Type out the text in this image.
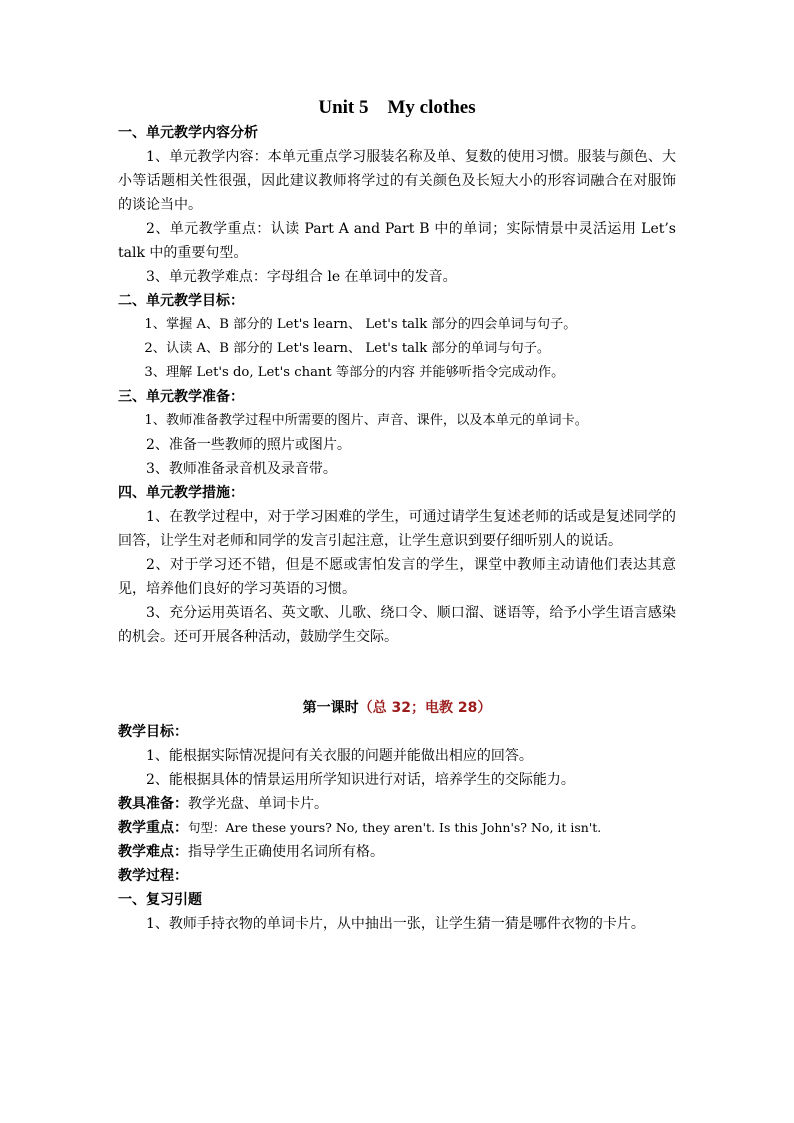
Unit 5    My clothes

一、单元教学内容分析

1、单元教学内容：本单元重点学习服装名称及单、复数的使用习惯。服装与颜色、大小等话题相关性很强，因此建议教师将学过的有关颜色及长短大小的形容词融合在对服饰的谈论当中。

2、单元教学重点：认读 Part A and Part B 中的单词；实际情景中灵活运用 Let’s talk 中的重要句型。

3、单元教学难点：字母组合 le 在单词中的发音。

二、单元教学目标：

1、掌握 A、B 部分的 Let's learn、 Let's talk 部分的四会单词与句子。

2、认读 A、B 部分的 Let's learn、 Let's talk 部分的单词与句子。

3、理解 Let's do, Let's chant 等部分的内容 并能够听指令完成动作。

三、单元教学准备：

1、教师准备教学过程中所需要的图片、声音、课件，以及本单元的单词卡。

2、准备一些教师的照片或图片。

3、教师准备录音机及录音带。

四、单元教学措施：

1、在教学过程中，对于学习困难的学生，可通过请学生复述老师的话或是复述同学的回答，让学生对老师和同学的发言引起注意，让学生意识到要仔细听别人的说话。

2、对于学习还不错，但是不愿或害怕发言的学生，课堂中教师主动请他们表达其意见，培养他们良好的学习英语的习惯。

3、充分运用英语名、英文歌、儿歌、绕口令、顺口溜、谜语等，给予小学生语言感染的机会。还可开展各种活动，鼓励学生交际。

第一课时（总 32；电教 28）

教学目标：

1、能根据实际情况提问有关衣服的问题并能做出相应的回答。

2、能根据具体的情景运用所学知识进行对话，培养学生的交际能力。

教具准备：教学光盘、单词卡片。

教学重点：句型：Are these yours? No, they aren't. Is this John's? No, it isn't.

教学难点：指导学生正确使用名词所有格。

教学过程：

一、复习引题

1、教师手持衣物的单词卡片，从中抽出一张，让学生猜一猜是哪件衣物的卡片。
